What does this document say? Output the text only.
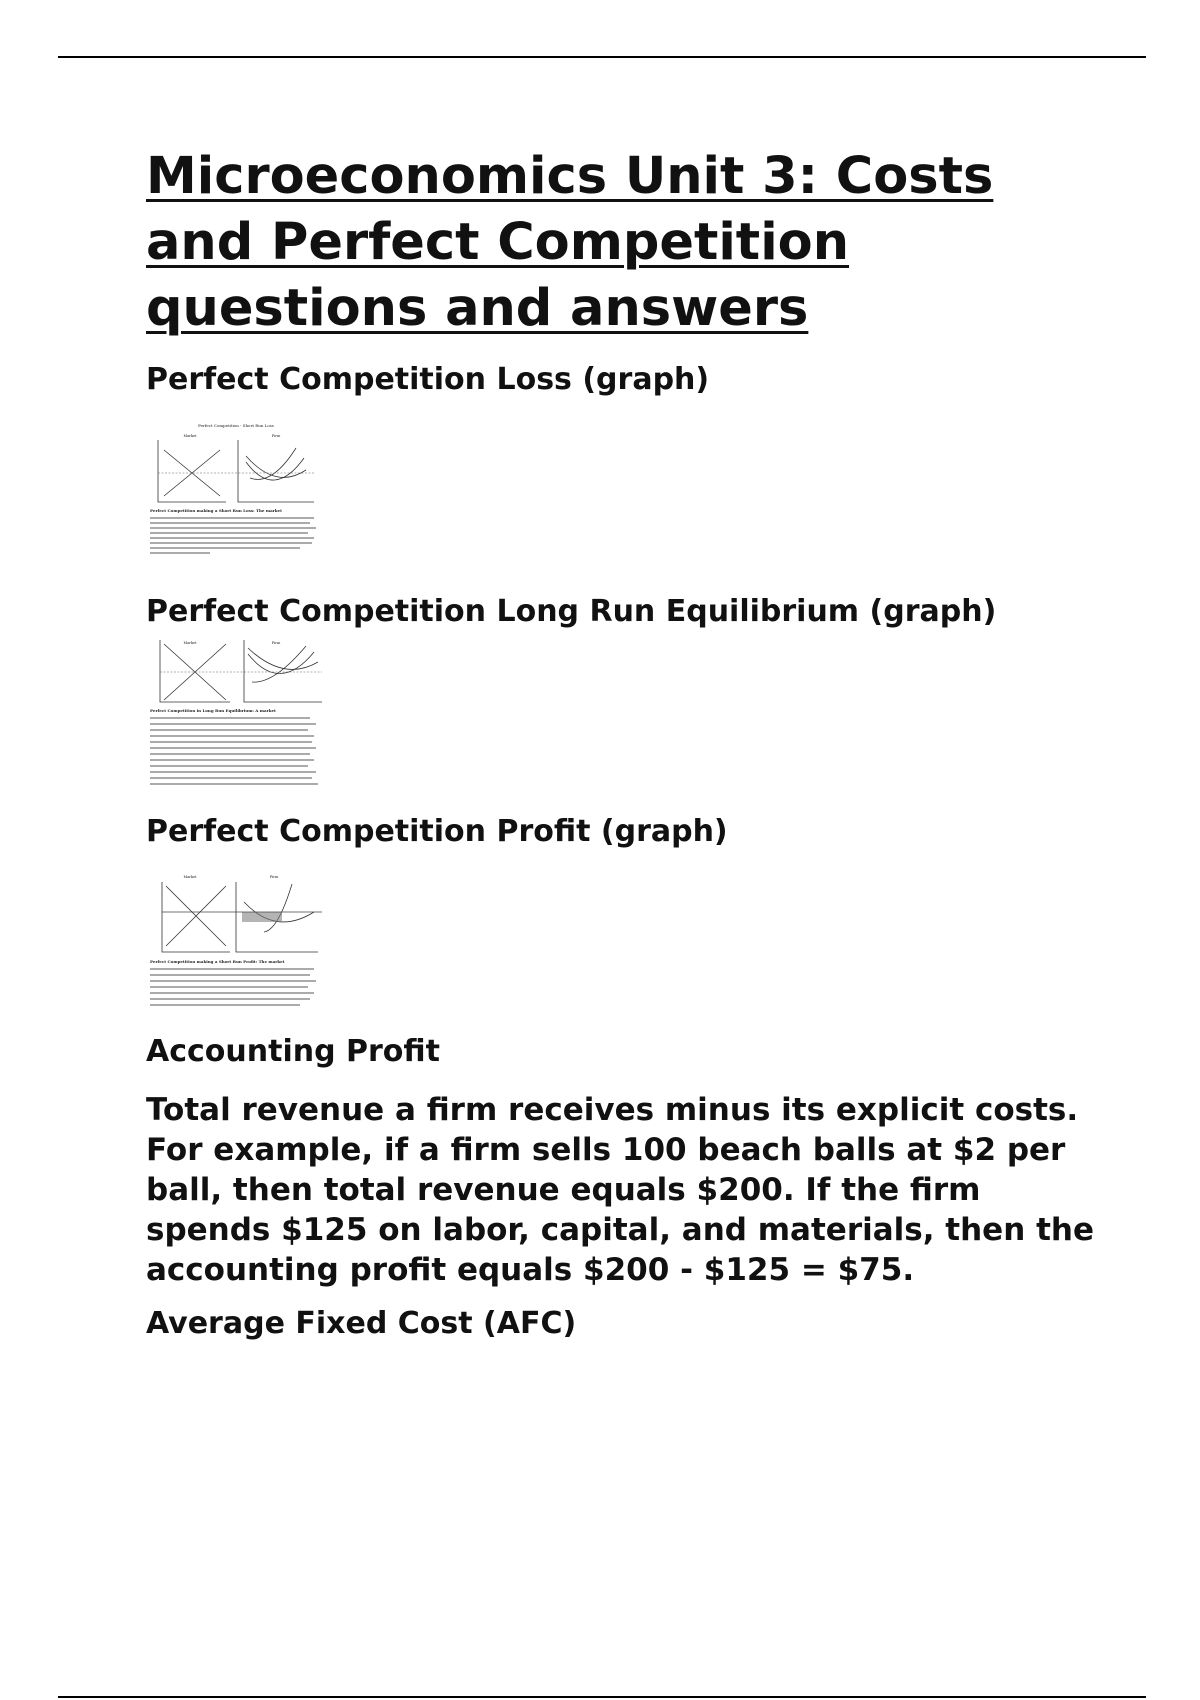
Microeconomics Unit 3: Costs and Perfect Competition questions and answers
Perfect Competition Loss (graph)
Perfect Competition - Short Run Loss
Market	Firm
Perfect Competition making a Short Run Loss: The market
Perfect Competition Long Run Equilibrium (graph)
Market	Firm
Perfect Competition in Long Run Equilibrium: A market
Perfect Competition Profit (graph)
Market	Firm
Perfect Competition making a Short Run Profit: The market
Accounting Profit

Total revenue a firm receives minus its explicit costs. For example, if a firm sells 100 beach balls at $2 per ball, then total revenue equals $200. If the firm spends $125 on labor, capital, and materials, then the accounting profit equals $200 - $125 = $75.

Average Fixed Cost (AFC)
